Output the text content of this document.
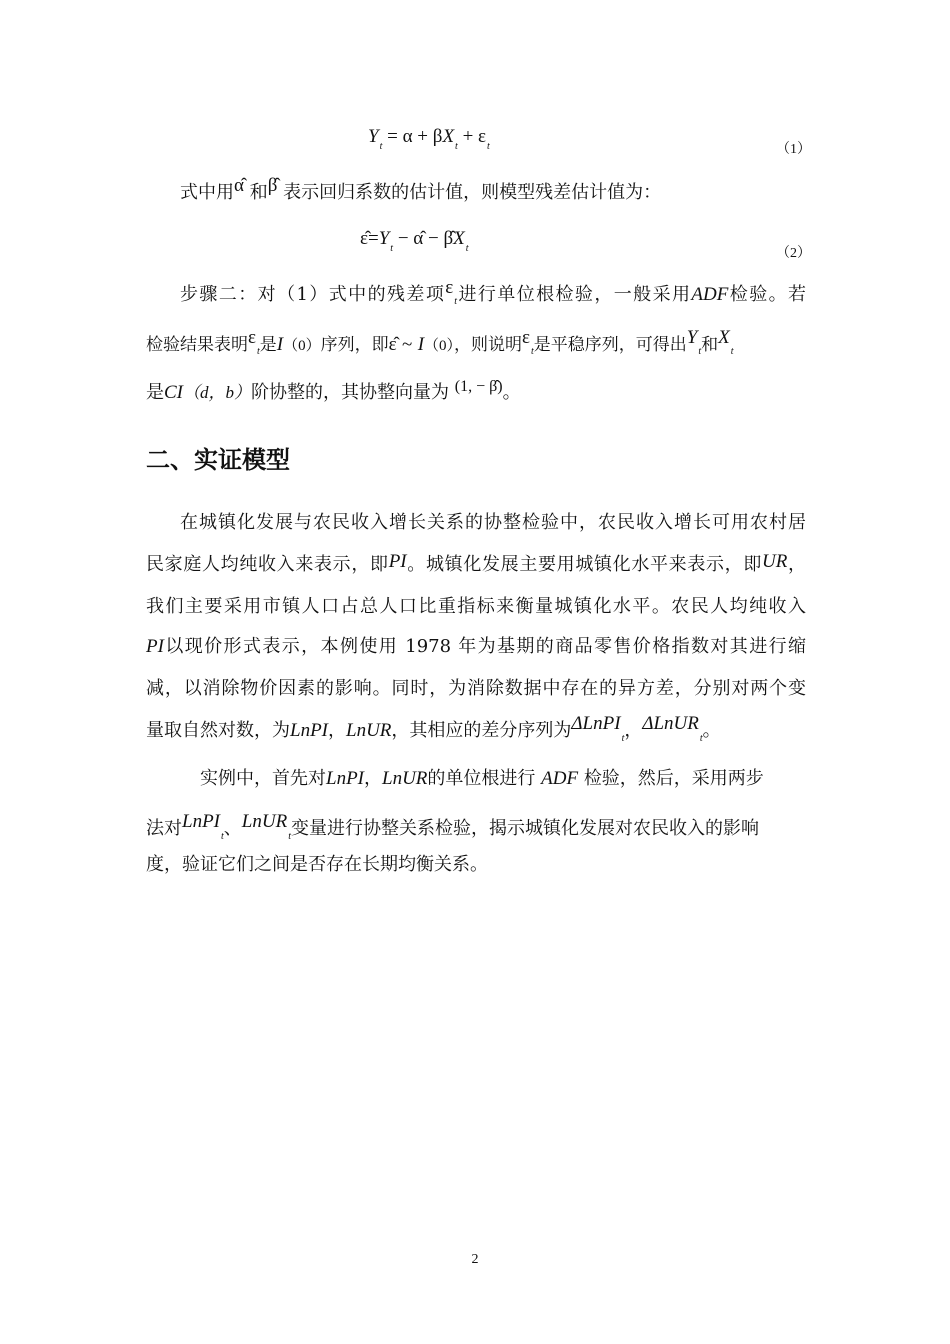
$Y_t = \alpha + \beta X_t + \varepsilon_t$	（1）
式中用α̂ 和β̂ 表示回归系数的估计值，则模型残差估计值为：
$\varepsilon̂=Y_t$ − α̂ − $\betâX_t$	（2）
步骤二：对（1）式中的残差项$\varepsilon_t$进行单位根检验，一般采用ADF检验。若
检验结果表明$\varepsilon_t$是I（0）序列，即ε̂ ~ I（0），则说明$\varepsilon_t$是平稳序列，可得出$Y_t$和$X_t$
是CI（d，b）阶协整的，其协整向量为 (1, − β̂)。
二、实证模型
在城镇化发展与农民收入增长关系的协整检验中，农民收入增长可用农村居
民家庭人均纯收入来表示，即PI。城镇化发展主要用城镇化水平来表示，即UR，
我们主要采用市镇人口占总人口比重指标来衡量城镇化水平。农民人均纯收入
PI以现价形式表示，本例使用 1978 年为基期的商品零售价格指数对其进行缩
减，以消除物价因素的影响。同时，为消除数据中存在的异方差，分别对两个变
量取自然对数，为LnPI，LnUR，其相应的差分序列为ΔLnPI$_t$，ΔLnUR$_t$。
实例中，首先对LnPI，LnUR的单位根进行 ADF 检验，然后，采用两步
法对LnPI$_t$、LnUR$_t$变量进行协整关系检验，揭示城镇化发展对农民收入的影响
度，验证它们之间是否存在长期均衡关系。
2
